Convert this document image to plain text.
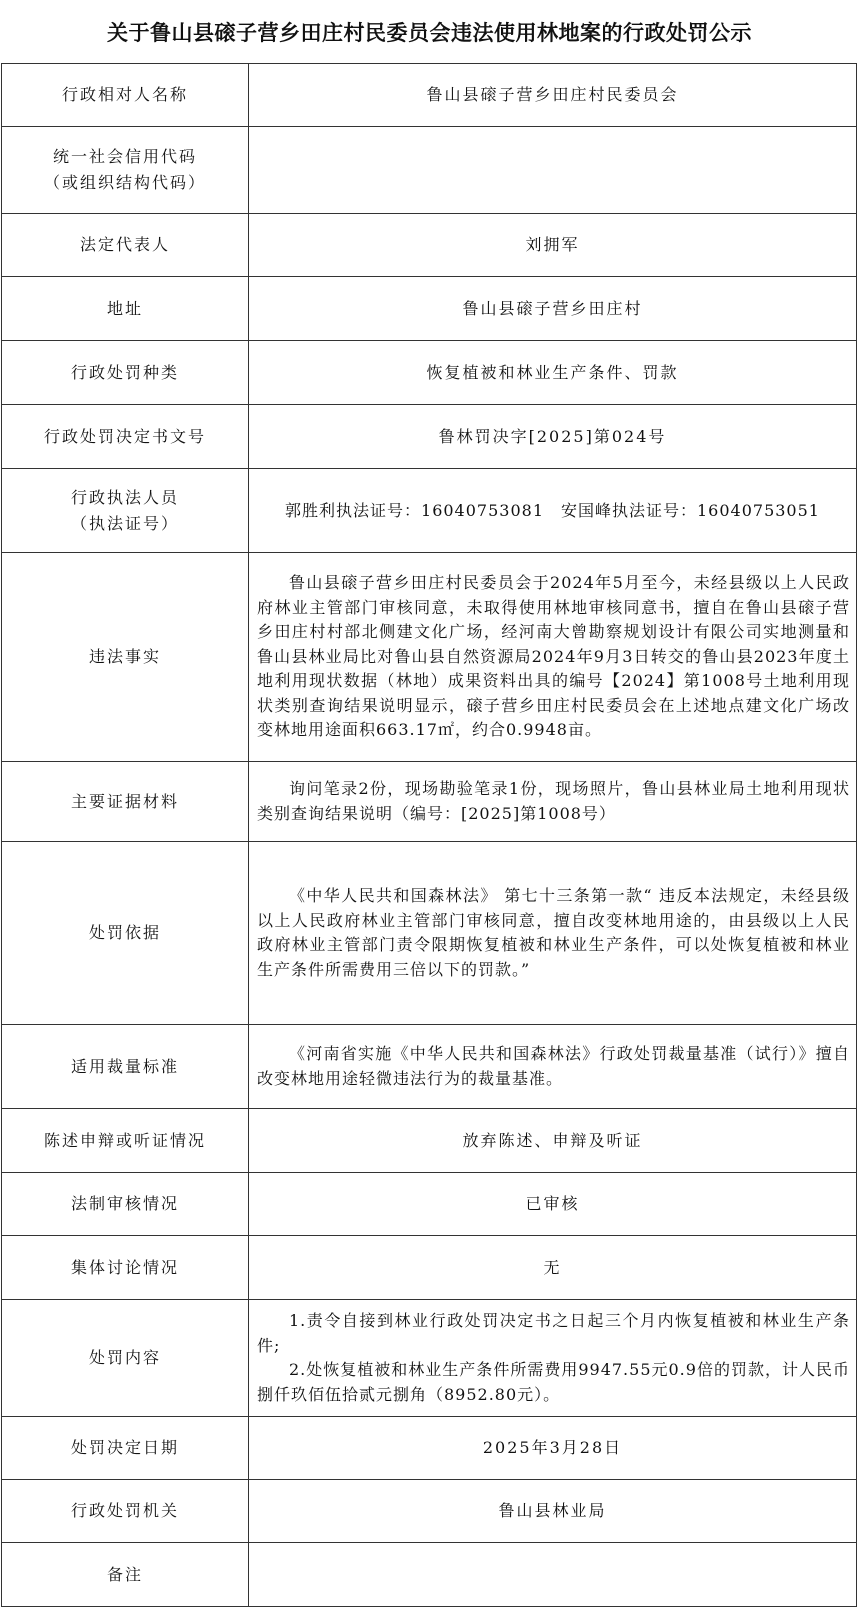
关于鲁山县磙子营乡田庄村民委员会违法使用林地案的行政处罚公示
行政相对人名称	鲁山县磙子营乡田庄村民委员会

统一社会信用代码
（或组织结构代码）	

法定代表人	刘拥军
地址	鲁山县磙子营乡田庄村
行政处罚种类	恢复植被和林业生产条件、罚款
行政处罚决定书文号	鲁林罚决字[2025]第024号

行政执法人员
（执法证号）	郭胜利执法证号：16040753081　安国峰执法证号：16040753051
违法事实	鲁山县磙子营乡田庄村民委员会于2024年5月至今，未经县级以上人民政府林业主管部门审核同意，未取得使用林地审核同意书，擅自在鲁山县磙子营乡田庄村村部北侧建文化广场，经河南大曾勘察规划设计有限公司实地测量和鲁山县林业局比对鲁山县自然资源局2024年9月3日转交的鲁山县2023年度土地利用现状数据（林地）成果资料出具的编号【2024】第1008号土地利用现状类别查询结果说明显示，磙子营乡田庄村民委员会在上述地点建文化广场改变林地用途面积663.17㎡，约合0.9948亩。

主要证据材料	询问笔录2份，现场勘验笔录1份，现场照片，鲁山县林业局土地利用现状类别查询结果说明（编号：[2025]第1008号）

处罚依据	《中华人民共和国森林法》 第七十三条第一款“ 违反本法规定，未经县级以上人民政府林业主管部门审核同意，擅自改变林地用途的，由县级以上人民政府林业主管部门责令限期恢复植被和林业生产条件，可以处恢复植被和林业生产条件所需费用三倍以下的罚款。”

适用裁量标准	《河南省实施《中华人民共和国森林法》行政处罚裁量基准（试行）》擅自改变林地用途轻微违法行为的裁量基准。

陈述申辩或听证情况	放弃陈述、申辩及听证
法制审核情况	已审核
集体讨论情况	无
处罚内容	1.责令自接到林业行政处罚决定书之日起三个月内恢复植被和林业生产条件;
2.处恢复植被和林业生产条件所需费用9947.55元0.9倍的罚款，计人民币捌仟玖佰伍拾贰元捌角（8952.80元）。

处罚决定日期	2025年3月28日
行政处罚机关	鲁山县林业局
备注	
